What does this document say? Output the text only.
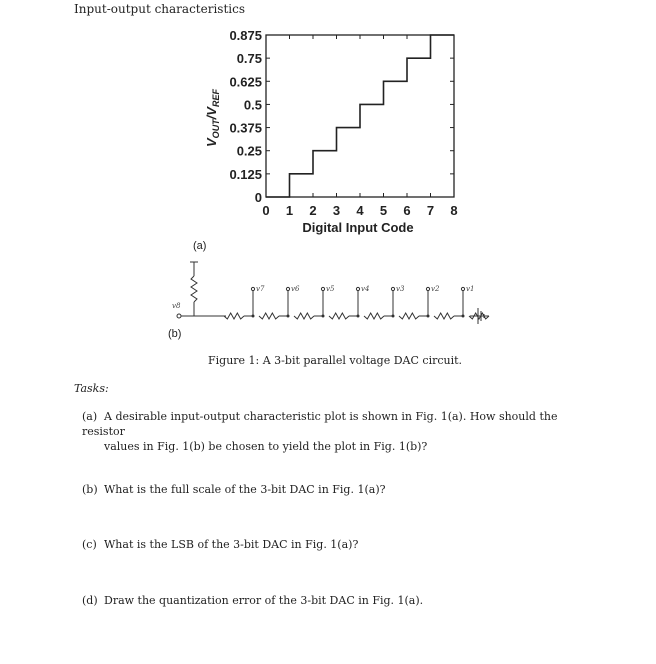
Input-output characteristics
0
0.125
0.25
0.375
0.5
0.625
0.75
0.875
0 1 2 3 4 5 6 7 8
Digital Input Code
$V_{OUT}/V_{REF}$
v8
v7	v6	v5	v4	v3	v2	v1
(a)
(b)
Figure 1: A 3-bit parallel voltage DAC circuit.
Tasks:
(a) A desirable input-output characteristic plot is shown in Fig. 1(a). How should the resistor
values in Fig. 1(b) be chosen to yield the plot in Fig. 1(b)?
(b) What is the full scale of the 3-bit DAC in Fig. 1(a)?
(c) What is the LSB of the 3-bit DAC in Fig. 1(a)?
(d) Draw the quantization error of the 3-bit DAC in Fig. 1(a).
